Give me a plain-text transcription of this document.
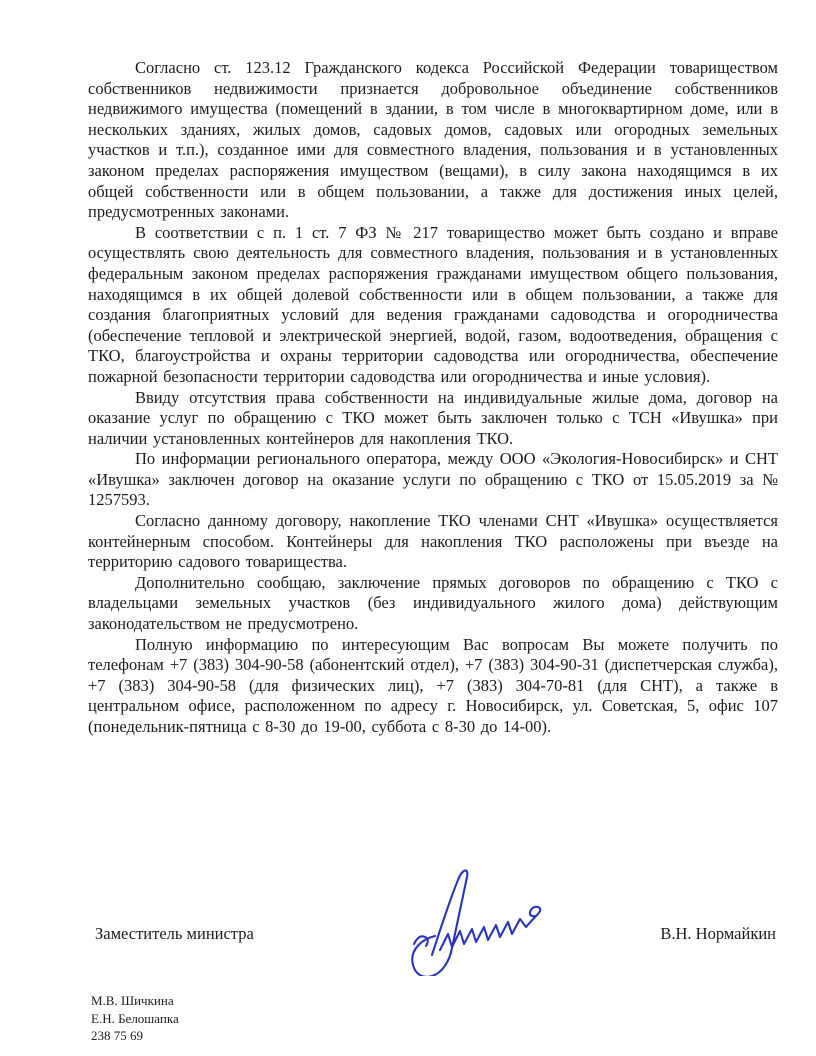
Согласно ст. 123.12 Гражданского кодекса Российской Федерации товариществом собственников недвижимости признается добровольное объединение собственников недвижимого имущества (помещений в здании, в том числе в многоквартирном доме, или в нескольких зданиях, жилых домов, садовых домов, садовых или огородных земельных участков и т.п.), созданное ими для совместного владения, пользования и в установленных законом пределах распоряжения имуществом (вещами), в силу закона находящимся в их общей собственности или в общем пользовании, а также для достижения иных целей, предусмотренных законами.

В соответствии с п. 1 ст. 7 ФЗ № 217 товарищество может быть создано и вправе осуществлять свою деятельность для совместного владения, пользования и в установленных федеральным законом пределах распоряжения гражданами имуществом общего пользования, находящимся в их общей долевой собственности или в общем пользовании, а также для создания благоприятных условий для ведения гражданами садоводства и огородничества (обеспечение тепловой и электрической энергией, водой, газом, водоотведения, обращения с ТКО, благоустройства и охраны территории садоводства или огородничества, обеспечение пожарной безопасности территории садоводства или огородничества и иные условия).

Ввиду отсутствия права собственности на индивидуальные жилые дома, договор на оказание услуг по обращению с ТКО может быть заключен только с ТСН «Ивушка» при наличии установленных контейнеров для накопления ТКО.

По информации регионального оператора, между ООО «Экология-Новосибирск» и СНТ «Ивушка» заключен договор на оказание услуги по обращению с ТКО от 15.05.2019 за № 1257593.

Согласно данному договору, накопление ТКО членами СНТ «Ивушка» осуществляется контейнерным способом. Контейнеры для накопления ТКО расположены при въезде на территорию садового товарищества.

Дополнительно сообщаю, заключение прямых договоров по обращению с ТКО с владельцами земельных участков (без индивидуального жилого дома) действующим законодательством не предусмотрено.

Полную информацию по интересующим Вас вопросам Вы можете получить по телефонам +7 (383) 304-90-58 (абонентский отдел), +7 (383) 304-90-31 (диспетчерская служба), +7 (383) 304-90-58 (для физических лиц), +7 (383) 304-70-81 (для СНТ), а также в центральном офисе, расположенном по адресу г. Новосибирск, ул. Советская, 5, офис 107 (понедельник-пятница с 8-30 до 19-00, суббота с 8-30 до 14-00).

Заместитель министра	В.Н. Нормайкин
М.В. Шичкина
Е.Н. Белошапка
238 75 69
